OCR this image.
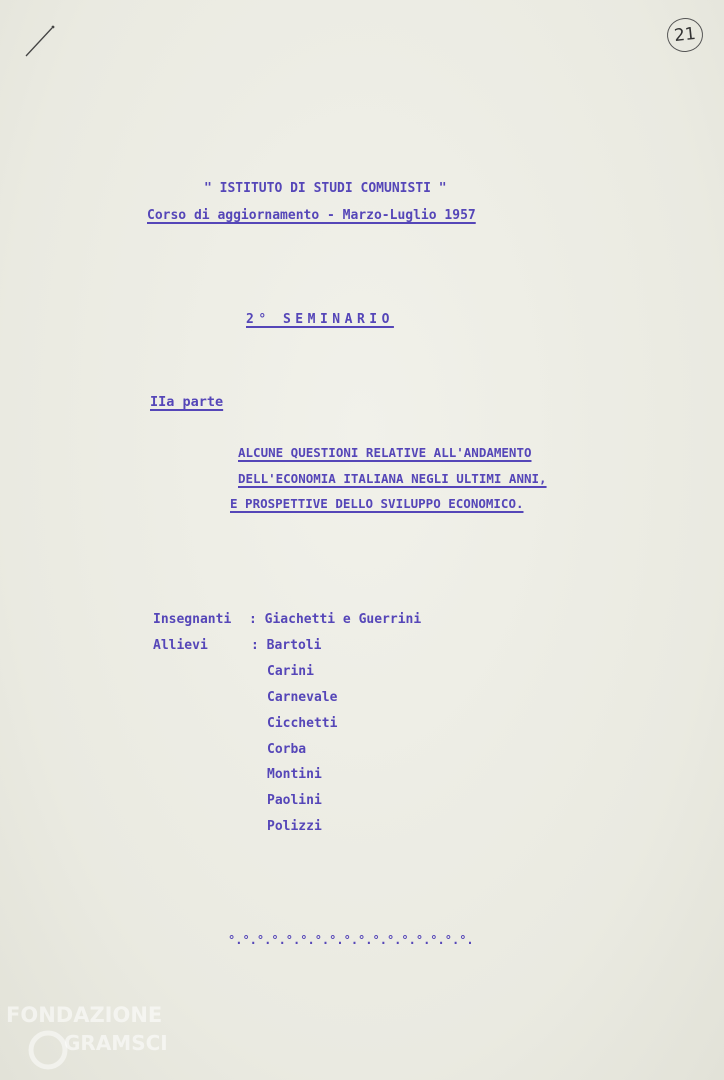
21
" ISTITUTO DI STUDI COMUNISTI "
Corso di aggiornamento - Marzo-Luglio 1957
2° SEMINARIO
IIa parte
ALCUNE QUESTIONI RELATIVE ALL'ANDAMENTO
DELL'ECONOMIA ITALIANA NEGLI ULTIMI ANNI,
E PROSPETTIVE DELLO SVILUPPO ECONOMICO.
Insegnanti : Giachetti e Guerrini
Allievi	: Bartoli
Carini
Carnevale
Cicchetti
Corba
Montini
Paolini
Polizzi
°.°.°.°.°.°.°.°.°.°.°.°.°.°.°.°.°.
FONDAZIONE
GRAMSCI
